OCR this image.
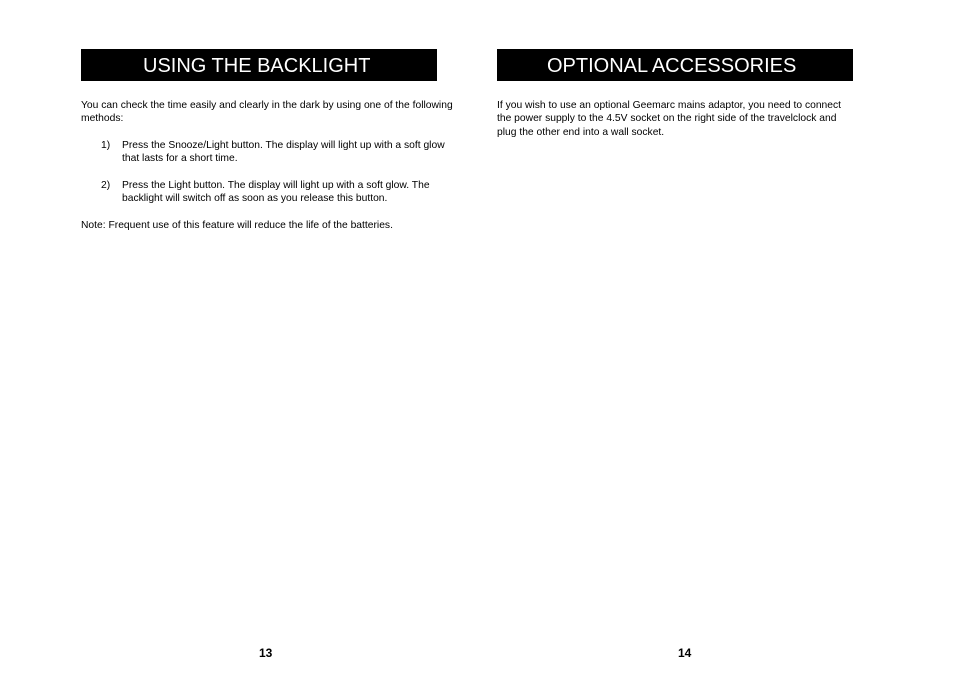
USING THE BACKLIGHT

You can check the time easily and clearly in the dark by using one of the following methods:

1) Press the Snooze/Light button. The display will light up with a soft glow that lasts for a short time.
2) Press the Light button. The display will light up with a soft glow. The backlight will switch off as soon as you release this button.

Note: Frequent use of this feature will reduce the life of the batteries.

13
OPTIONAL ACCESSORIES

If you wish to use an optional Geemarc mains adaptor, you need to connect the power supply to the 4.5V socket on the right side of the travelclock and plug the other end into a wall socket.

14
